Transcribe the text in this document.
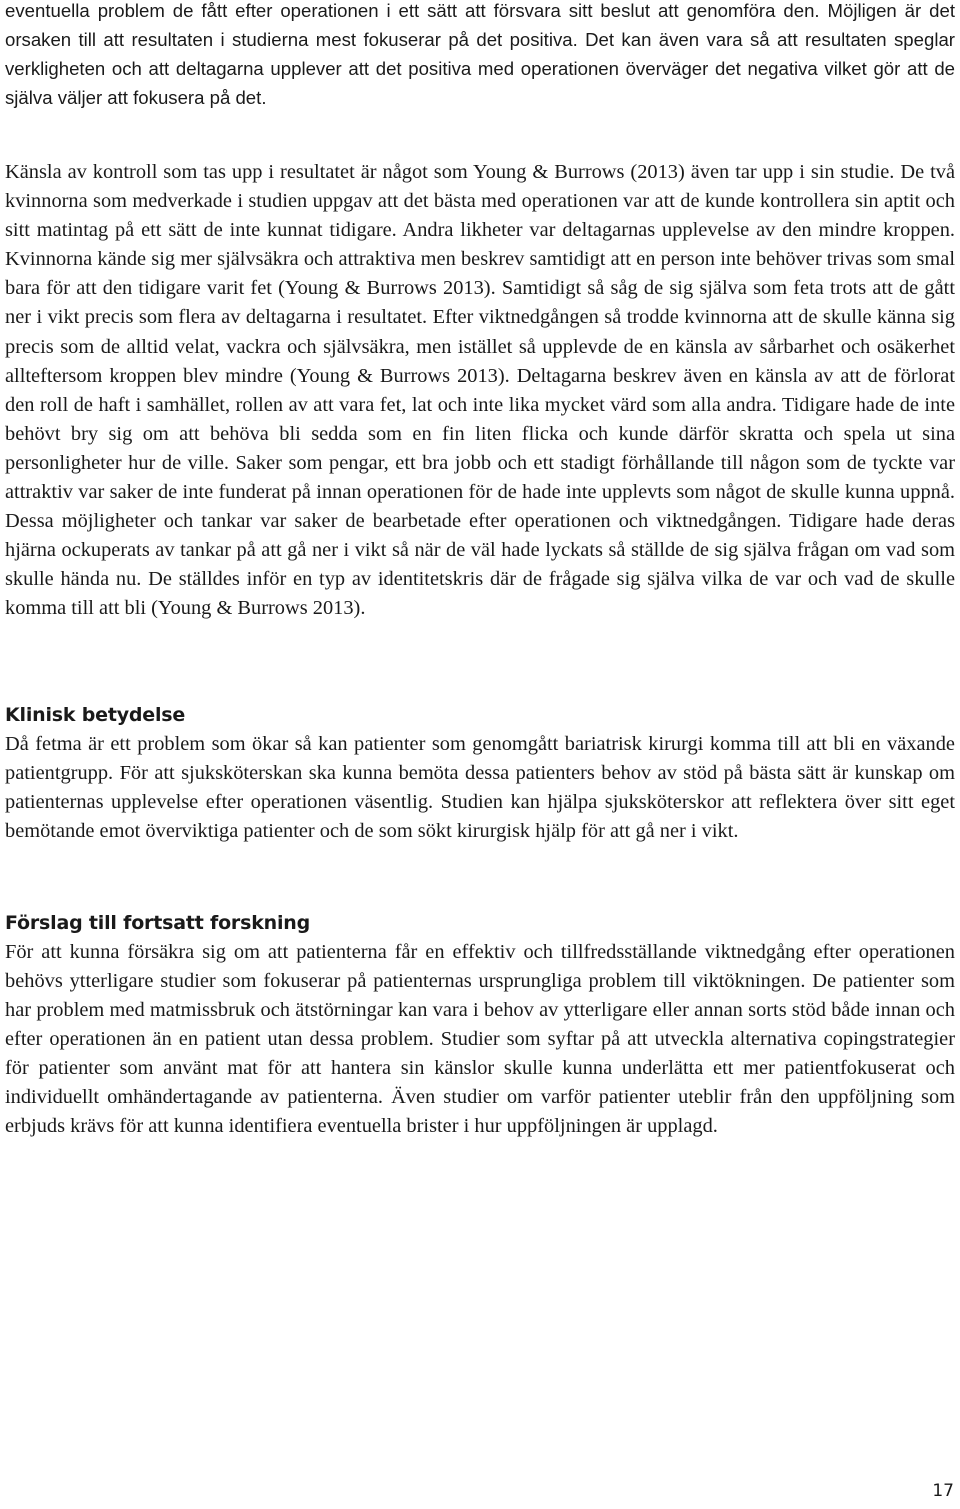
eventuella problem de fått efter operationen i ett sätt att försvara sitt beslut att genomföra den. Möjligen är det orsaken till att resultaten i studierna mest fokuserar på det positiva. Det kan även vara så att resultaten speglar verkligheten och att deltagarna upplever att det positiva med operationen överväger det negativa vilket gör att de själva väljer att fokusera på det.

Känsla av kontroll som tas upp i resultatet är något som Young & Burrows (2013) även tar upp i sin studie. De två kvinnorna som medverkade i studien uppgav att det bästa med operationen var att de kunde kontrollera sin aptit och sitt matintag på ett sätt de inte kunnat tidigare. Andra likheter var deltagarnas upplevelse av den mindre kroppen. Kvinnorna kände sig mer självsäkra och attraktiva men beskrev samtidigt att en person inte behöver trivas som smal bara för att den tidigare varit fet (Young & Burrows 2013). Samtidigt så såg de sig själva som feta trots att de gått ner i vikt precis som flera av deltagarna i resultatet. Efter viktnedgången så trodde kvinnorna att de skulle känna sig precis som de alltid velat, vackra och självsäkra, men istället så upplevde de en känsla av sårbarhet och osäkerhet allteftersom kroppen blev mindre (Young & Burrows 2013). Deltagarna beskrev även en känsla av att de förlorat den roll de haft i samhället, rollen av att vara fet, lat och inte lika mycket värd som alla andra. Tidigare hade de inte behövt bry sig om att behöva bli sedda som en fin liten flicka och kunde därför skratta och spela ut sina personligheter hur de ville. Saker som pengar, ett bra jobb och ett stadigt förhållande till någon som de tyckte var attraktiv var saker de inte funderat på innan operationen för de hade inte upplevts som något de skulle kunna uppnå. Dessa möjligheter och tankar var saker de bearbetade efter operationen och viktnedgången. Tidigare hade deras hjärna ockuperats av tankar på att gå ner i vikt så när de väl hade lyckats så ställde de sig själva frågan om vad som skulle hända nu. De ställdes inför en typ av identitetskris där de frågade sig själva vilka de var och vad de skulle komma till att bli (Young & Burrows 2013).

Klinisk betydelse

Då fetma är ett problem som ökar så kan patienter som genomgått bariatrisk kirurgi komma till att bli en växande patientgrupp. För att sjuksköterskan ska kunna bemöta dessa patienters behov av stöd på bästa sätt är kunskap om patienternas upplevelse efter operationen väsentlig. Studien kan hjälpa sjuksköterskor att reflektera över sitt eget bemötande emot överviktiga patienter och de som sökt kirurgisk hjälp för att gå ner i vikt.

Förslag till fortsatt forskning

För att kunna försäkra sig om att patienterna får en effektiv och tillfredsställande viktnedgång efter operationen behövs ytterligare studier som fokuserar på patienternas ursprungliga problem till viktökningen. De patienter som har problem med matmissbruk och ätstörningar kan vara i behov av ytterligare eller annan sorts stöd både innan och efter operationen än en patient utan dessa problem. Studier som syftar på att utveckla alternativa copingstrategier för patienter som använt mat för att hantera sin känslor skulle kunna underlätta ett mer patientfokuserat och individuellt omhändertagande av patienterna. Även studier om varför patienter uteblir från den uppföljning som erbjuds krävs för att kunna identifiera eventuella brister i hur uppföljningen är upplagd.

17
